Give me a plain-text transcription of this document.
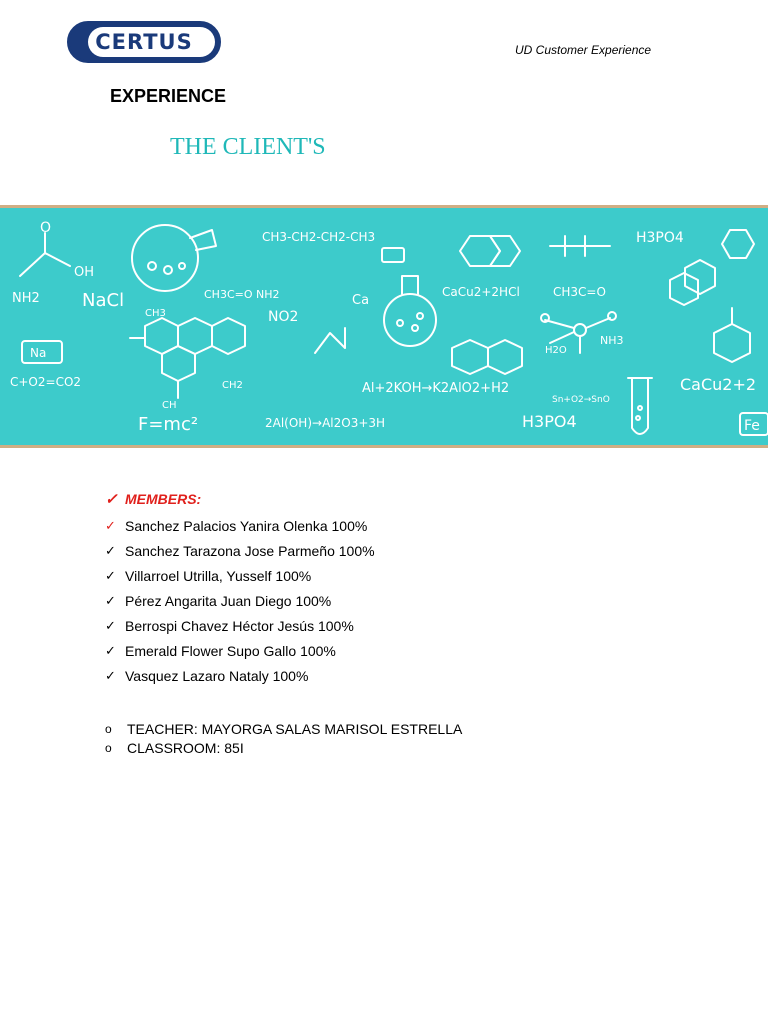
CERTUS	UD Customer Experience
EXPERIENCE
THE CLIENT'S
O
CH3-CH2-CH2-CH3	H3PO4
OH
NH2 NaCl
NO2
Ca
CaCu2+2HCl	CH3C=O
Na
C+O2=CO2
CH3C=O NH2
F=mc²
Al+2KOH→K2AlO2+H2
2Al(OH)→Al2O3+3H	H3PO4
CaCu2+2
Fe
CH2
CH
CH3
NH3
H2O
Sn+O2→SnO
✓ MEMBERS:
✓ Sanchez Palacios Yanira Olenka 100%
✓ Sanchez Tarazona Jose Parmeño 100%
✓ Villarroel Utrilla, Yusself 100%
✓ Pérez Angarita Juan Diego 100%
✓ Berrospi Chavez Héctor Jesús 100%
✓ Emerald Flower Supo Gallo 100%
✓ Vasquez Lazaro Nataly 100%
o	TEACHER: MAYORGA SALAS MARISOL ESTRELLA
o	CLASSROOM: 85I
